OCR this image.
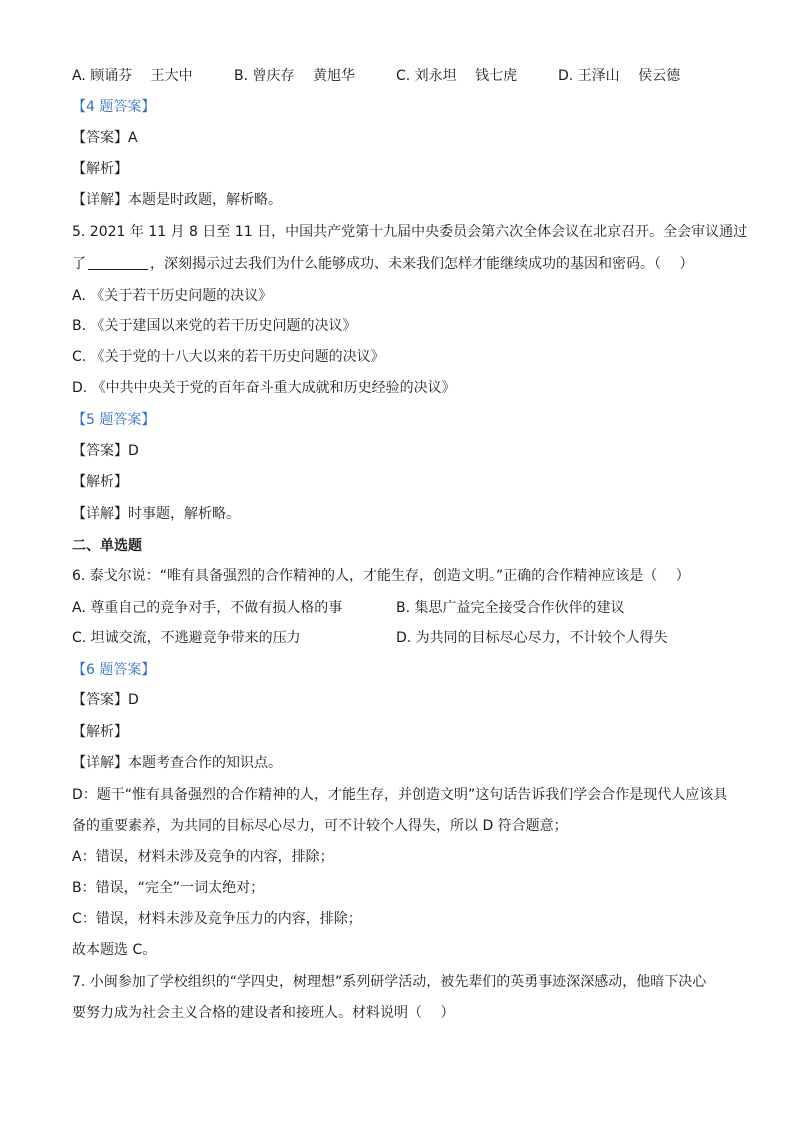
A. 顾诵芬　 王大中	B. 曾庆存　 黄旭华	C. 刘永坦　 钱七虎	D. 王泽山　 侯云德
【4 题答案】
【答案】A
【解析】
【详解】本题是时政题，解析略。
5. 2021 年 11 月 8 日至 11 日，中国共产党第十九届中央委员会第六次全体会议在北京召开。全会审议通过
了	，深刻揭示过去我们为什么能够成功、未来我们怎样才能继续成功的基因和密码。（　 ）
A. 《关于若干历史问题的决议》
B. 《关于建国以来党的若干历史问题的决议》
C. 《关于党的十八大以来的若干历史问题的决议》
D. 《中共中央关于党的百年奋斗重大成就和历史经验的决议》
【5 题答案】
【答案】D
【解析】
【详解】时事题，解析略。
二、单选题
6. 泰戈尔说：“唯有具备强烈的合作精神的人，才能生存，创造文明。”正确的合作精神应该是（　 ）
A. 尊重自己的竞争对手，不做有损人格的事	B. 集思广益完全接受合作伙伴的建议
C. 坦诚交流，不逃避竞争带来的压力	D. 为共同的目标尽心尽力，不计较个人得失
【6 题答案】
【答案】D
【解析】
【详解】本题考查合作的知识点。
D：题干“惟有具备强烈的合作精神的人，才能生存，并创造文明”这句话告诉我们学会合作是现代人应该具
备的重要素养，为共同的目标尽心尽力，可不计较个人得失，所以 D 符合题意；
A：错误，材料未涉及竞争的内容，排除；
B：错误，“完全”一词太绝对；
C：错误，材料未涉及竞争压力的内容，排除；
故本题选 C。
7. 小闽参加了学校组织的“学四史，树理想”系列研学活动，被先辈们的英勇事迹深深感动，他暗下决心
要努力成为社会主义合格的建设者和接班人。材料说明（　 ）
